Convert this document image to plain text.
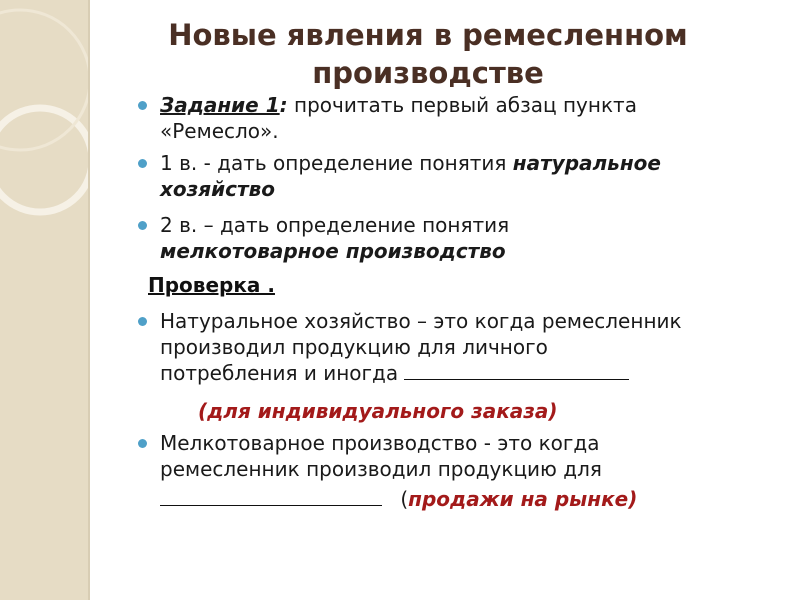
Новые явления в ремесленном
производстве
Задание 1: прочитать первый абзац пункта
«Ремесло».
1 в. - дать определение понятия натуральное
хозяйство
2 в. – дать определение понятия
мелкотоварное производство
Проверка .
Натуральное хозяйство – это когда ремесленник
производил продукцию для личного
потребления и иногда
(для индивидуального заказа)
Мелкотоварное производство - это когда
ремесленник производил продукцию для
(продажи на рынке)
